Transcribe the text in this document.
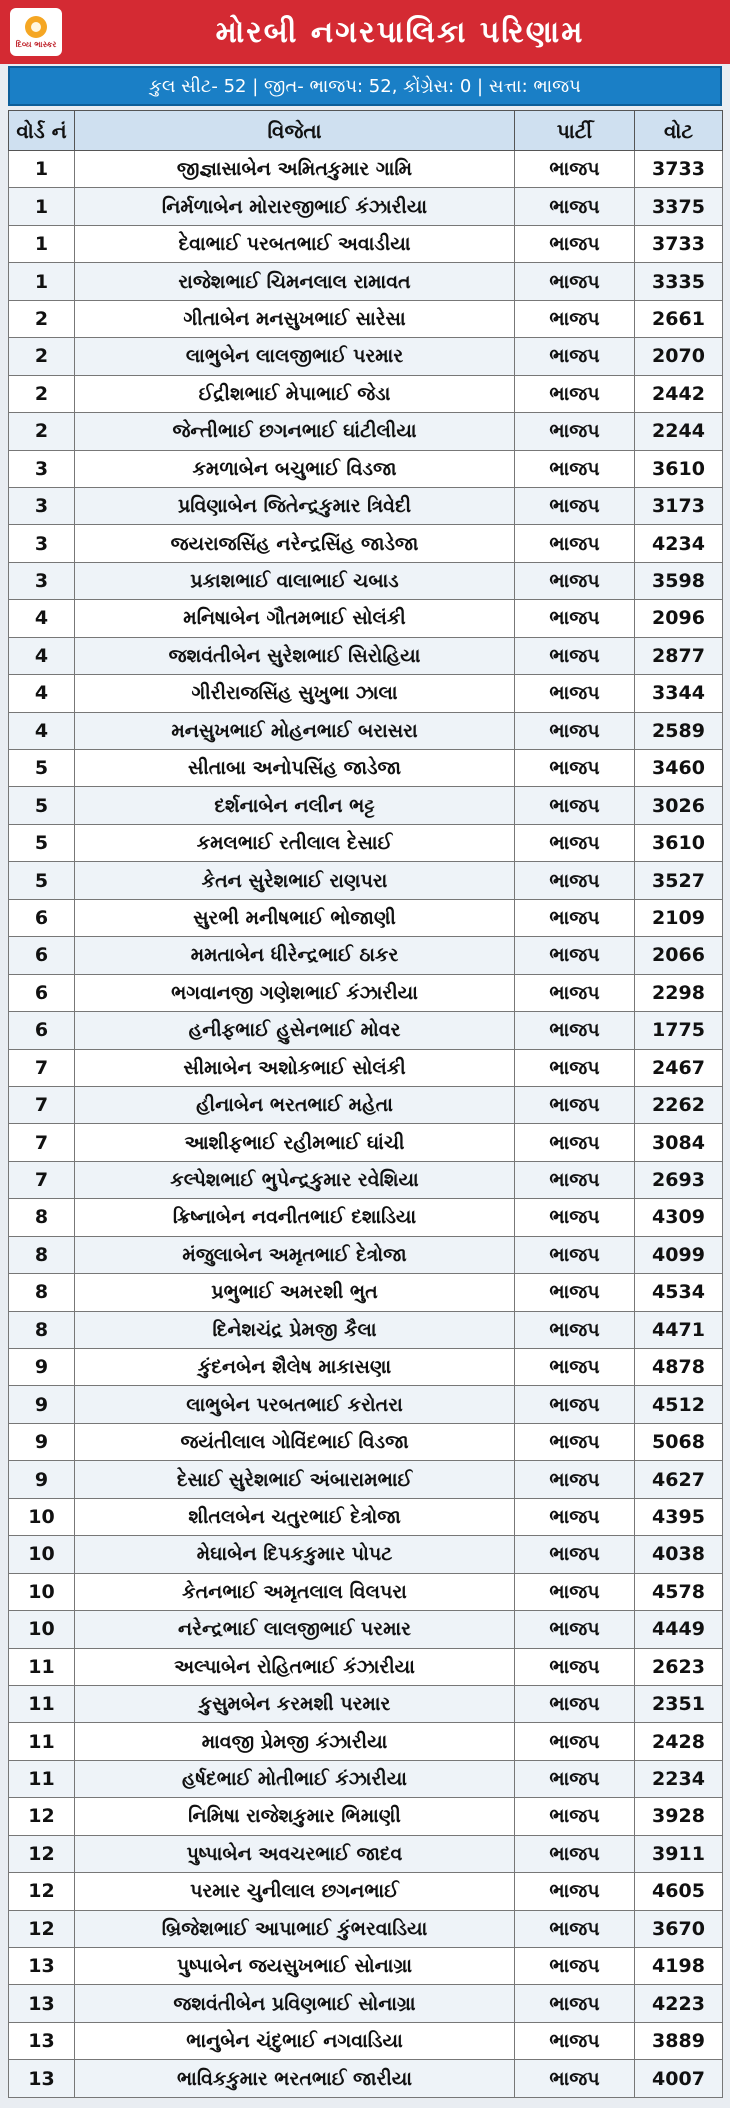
દિવ્ય ભાસ્કર	મોરબી નગરપાલિકા પરિણામ
કુલ સીટ- 52 | જીત- ભાજપ: 52, કોંગ્રેસ: 0 | સત્તા: ભાજપ
વોર્ડ નં	વિજેતા	પાર્ટી	વોટ
1	જીજ્ઞાસાબેન અમિતકુમાર ગામિ	ભાજપ	3733
1	નિર્મળાબેન મોરારજીભાઈ કંઝારીયા	ભાજપ	3375
1	દેવાભાઈ પરબતભાઈ અવાડીયા	ભાજપ	3733
1	રાજેશભાઈ ચિમનલાલ રામાવત	ભાજપ	3335
2	ગીતાબેન મનસુખભાઈ સારેસા	ભાજપ	2661
2	લાભુબેન લાલજીભાઈ પરમાર	ભાજપ	2070
2	ઈદ્રીશભાઈ મેપાભાઈ જેડા	ભાજપ	2442
2	જેન્તીભાઈ છગનભાઈ ઘાંટીલીયા	ભાજપ	2244
3	કમળાબેન બચુભાઈ વિડજા	ભાજપ	3610
3	પ્રવિણાબેન જિતેન્દ્રકુમાર ત્રિવેદી	ભાજપ	3173
3	જયરાજસિંહ નરેન્દ્રસિંહ જાડેજા	ભાજપ	4234
3	પ્રકાશભાઈ વાલાભાઈ ચબાડ	ભાજપ	3598
4	મનિષાબેન ગૌતમભાઈ સોલંકી	ભાજપ	2096
4	જશવંતીબેન સુરેશભાઈ સિરોહિયા	ભાજપ	2877
4	ગીરીરાજસિંહ સુખુભા ઝાલા	ભાજપ	3344
4	મનસુખભાઈ મોહનભાઈ બરાસરા	ભાજપ	2589
5	સીતાબા અનોપસિંહ જાડેજા	ભાજપ	3460
5	દર્શનાબેન નલીન ભટ્ટ	ભાજપ	3026
5	કમલભાઈ રતીલાલ દેસાઈ	ભાજપ	3610
5	કેતન સુરેશભાઈ રાણપરા	ભાજપ	3527
6	સુરભી મનીષભાઈ ભોજાણી	ભાજપ	2109
6	મમતાબેન ધીરેન્દ્રભાઈ ઠાકર	ભાજપ	2066
6	ભગવાનજી ગણેશભાઈ કંઝારીયા	ભાજપ	2298
6	હનીફભાઈ હુસેનભાઈ મોવર	ભાજપ	1775
7	સીમાબેન અશોકભાઈ સોલંકી	ભાજપ	2467
7	હીનાબેન ભરતભાઈ મહેતા	ભાજપ	2262
7	આશીફભાઈ રહીમભાઈ ઘાંચી	ભાજપ	3084
7	કલ્પેશભાઈ ભુપેન્દ્રકુમાર રવેશિયા	ભાજપ	2693
8	ક્રિષ્નાબેન નવનીતભાઈ દશાડિયા	ભાજપ	4309
8	મંજુલાબેન અમૃતભાઈ દેત્રોજા	ભાજપ	4099
8	પ્રભુભાઈ અમરશી ભુત	ભાજપ	4534
8	દિનેશચંદ્ર પ્રેમજી કૈલા	ભાજપ	4471
9	કુંદનબેન શૈલેષ માકાસણા	ભાજપ	4878
9	લાભુબેન પરબતભાઈ કરોતરા	ભાજપ	4512
9	જયંતીલાલ ગોવિંદભાઈ વિડજા	ભાજપ	5068
9	દેસાઈ સુરેશભાઈ અંબારામભાઈ	ભાજપ	4627
10	શીતલબેન ચતુરભાઈ દેત્રોજા	ભાજપ	4395
10	મેઘાબેન દિપકકુમાર પોપટ	ભાજપ	4038
10	કેતનભાઈ અમૃતલાલ વિલપરા	ભાજપ	4578
10	નરેન્દ્રભાઈ લાલજીભાઈ પરમાર	ભાજપ	4449
11	અલ્પાબેન રોહિતભાઈ કંઝારીયા	ભાજપ	2623
11	કુસુમબેન કરમશી પરમાર	ભાજપ	2351
11	માવજી પ્રેમજી કંઝારીયા	ભાજપ	2428
11	હર્ષદભાઈ મોતીભાઈ કંઝારીયા	ભાજપ	2234
12	નિમિષા રાજેશકુમાર ભિમાણી	ભાજપ	3928
12	પુષ્પાબેન અવચરભાઈ જાદવ	ભાજપ	3911
12	પરમાર ચુનીલાલ છગનભાઈ	ભાજપ	4605
12	બ્રિજેશભાઈ આપાભાઈ કુંભરવાડિયા	ભાજપ	3670
13	પુષ્પાબેન જયસુખભાઈ સોનાગ્રા	ભાજપ	4198
13	જશવંતીબેન પ્રવિણભાઈ સોનાગ્રા	ભાજપ	4223
13	ભાનુબેન ચંદુભાઈ નગવાડિયા	ભાજપ	3889
13	ભાવિકકુમાર ભરતભાઈ જારીયા	ભાજપ	4007
